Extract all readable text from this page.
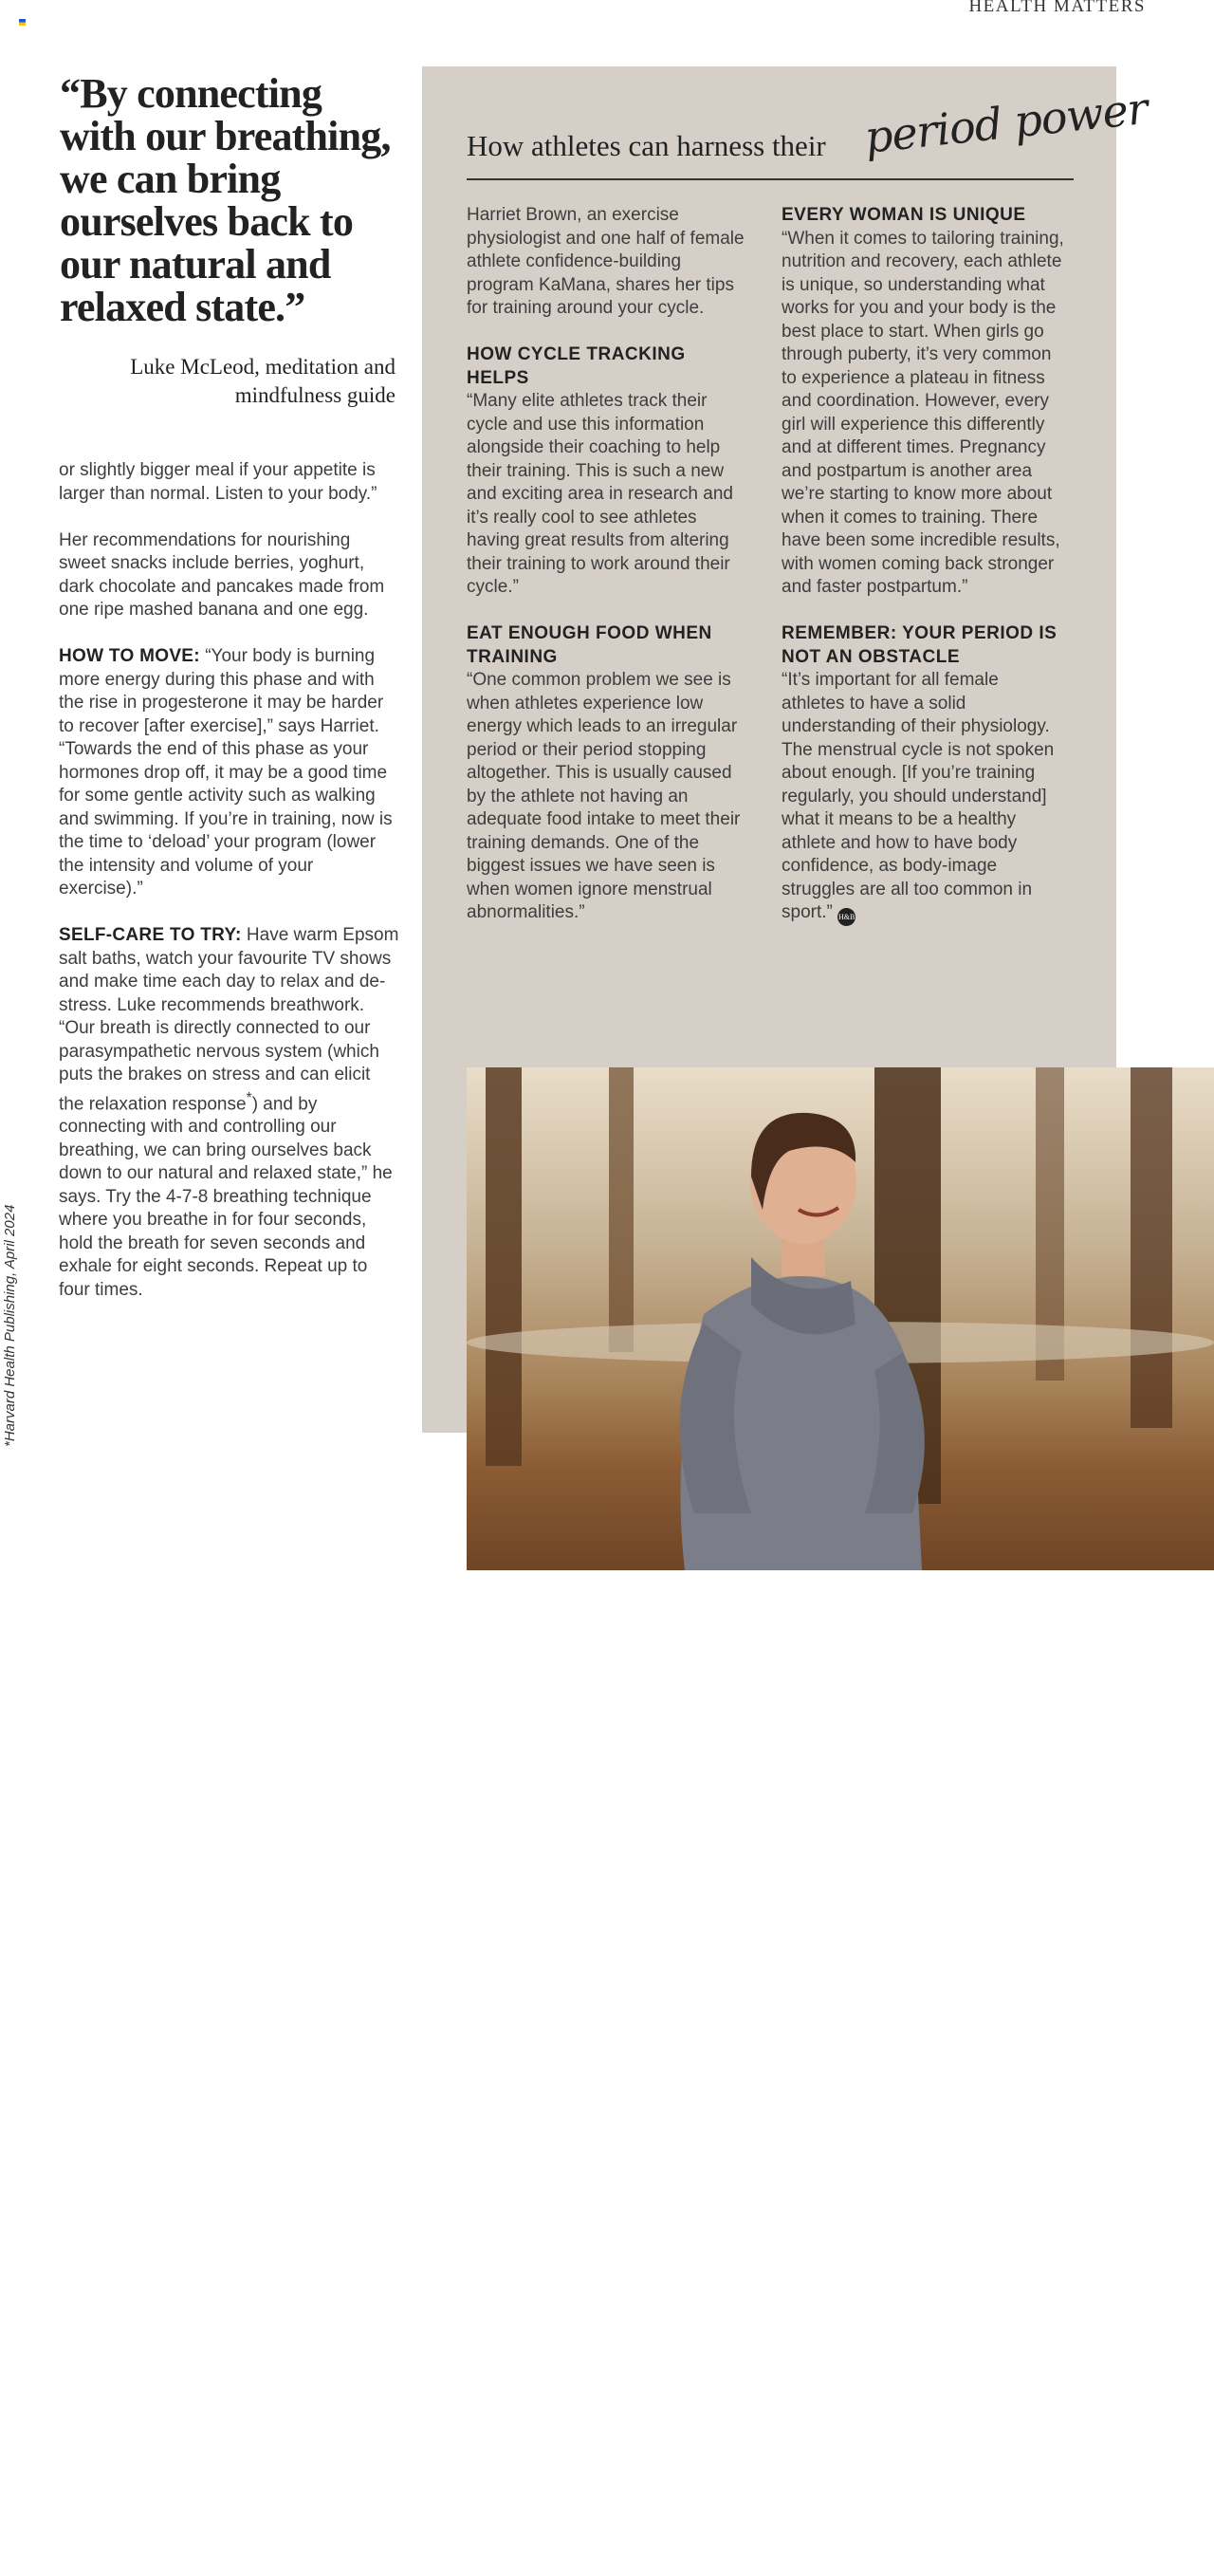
HEALTH MATTERS
*Harvard Health Publishing, April 2024
“By connecting with our breathing, we can bring ourselves back to our natural and relaxed state.”
Luke McLeod, meditation and mindfulness guide

or slightly bigger meal if your appetite is larger than normal. Listen to your body.”

Her recommendations for nourishing sweet snacks include berries, yoghurt, dark chocolate and pancakes made from one ripe mashed banana and one egg.

HOW TO MOVE: “Your body is burning more energy during this phase and with the rise in progesterone it may be harder to recover [after exercise],” says Harriet. “Towards the end of this phase as your hormones drop off, it may be a good time for some gentle activity such as walking and swimming. If you’re in training, now is the time to ‘deload’ your program (lower the intensity and volume of your exercise).”

SELF-CARE TO TRY: Have warm Epsom salt baths, watch your favourite TV shows and make time each day to relax and de-stress. Luke recommends breathwork. “Our breath is directly connected to our parasympathetic nervous system (which puts the brakes on stress and can elicit the relaxation response*) and by connecting with and controlling our breathing, we can bring ourselves back down to our natural and relaxed state,” he says. Try the 4-7-8 breathing technique where you breathe in for four seconds, hold the breath for seven seconds and exhale for eight seconds. Repeat up to four times.

How athletes can harness their period power

Harriet Brown, an exercise physiologist and one half of female athlete confidence-building program KaMana, shares her tips for training around your cycle.

HOW CYCLE TRACKING HELPS

“Many elite athletes track their cycle and use this information alongside their coaching to help their training. This is such a new and exciting area in research and it’s really cool to see athletes having great results from altering their training to work around their cycle.”

EAT ENOUGH FOOD WHEN TRAINING

“One common problem we see is when athletes experience low energy which leads to an irregular period or their period stopping altogether. This is usually caused by the athlete not having an adequate food intake to meet their training demands. One of the biggest issues we have seen is when women ignore menstrual abnormalities.”

EVERY WOMAN IS UNIQUE

“When it comes to tailoring training, nutrition and recovery, each athlete is unique, so understanding what works for you and your body is the best place to start. When girls go through puberty, it’s very common to experience a plateau in fitness and coordination. However, every girl will experience this differently and at different times. Pregnancy and postpartum is another area we’re starting to know more about when it comes to training. There have been some incredible results, with women coming back stronger and faster postpartum.”

REMEMBER: YOUR PERIOD IS NOT AN OBSTACLE

“It’s important for all female athletes to have a solid understanding of their physiology. The menstrual cycle is not spoken about enough. [If you’re training regularly, you should understand] what it means to be a healthy athlete and how to have body confidence, as body-image struggles are all too common in sport.” H&B

Coles Health & Beauty 87
